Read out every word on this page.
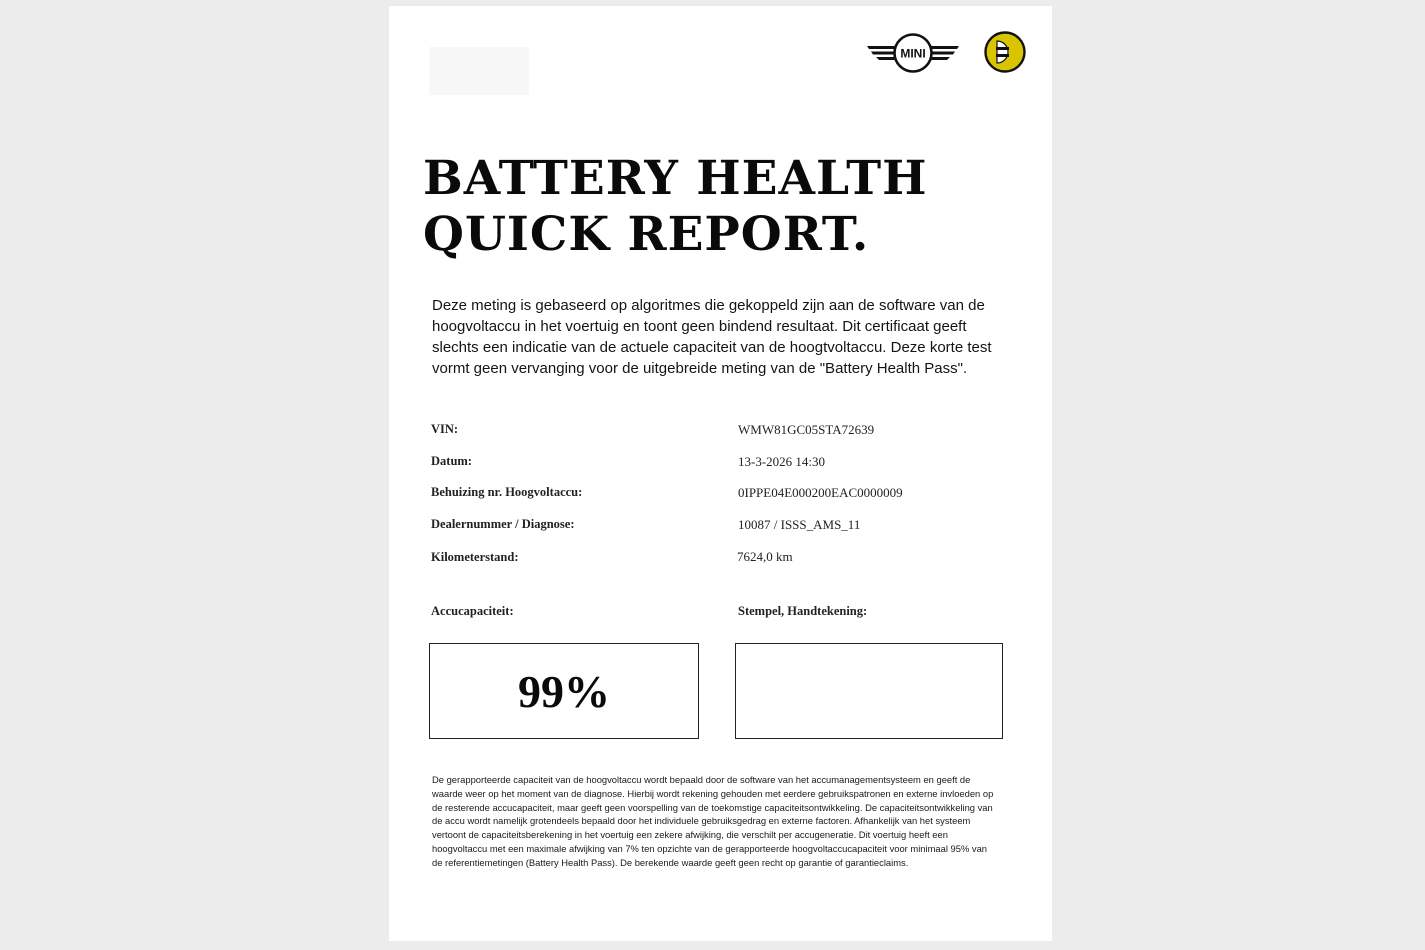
MINI
BATTERY HEALTH
QUICK REPORT.

Deze meting is gebaseerd op algoritmes die gekoppeld zijn aan de software van de hoogvoltaccu in het voertuig en toont geen bindend resultaat. Dit certificaat geeft slechts een indicatie van de actuele capaciteit van de hoogtvoltaccu. Deze korte test vormt geen vervanging voor de uitgebreide meting van de "Battery Health Pass".

VIN:	WMW81GC05STA72639
Datum:	13-3-2026 14:30
Behuizing nr. Hoogvoltaccu:	0IPPE04E000200EAC0000009
Dealernummer / Diagnose:	10087 / ISSS_AMS_11
Kilometerstand:	7624,0 km
Accucapaciteit:	Stempel, Handtekening:
99%

De gerapporteerde capaciteit van de hoogvoltaccu wordt bepaald door de software van het accumanagementsysteem en geeft de waarde weer op het moment van de diagnose. Hierbij wordt rekening gehouden met eerdere gebruikspatronen en externe invloeden op de resterende accucapaciteit, maar geeft geen voorspelling van de toekomstige capaciteitsontwikkeling. De capaciteitsontwikkeling van de accu wordt namelijk grotendeels bepaald door het individuele gebruiksgedrag en externe factoren. Afhankelijk van het systeem vertoont de capaciteitsberekening in het voertuig een zekere afwijking, die verschilt per accugeneratie. Dit voertuig heeft een hoogvoltaccu met een maximale afwijking van 7% ten opzichte van de gerapporteerde hoogvoltaccucapaciteit voor minimaal 95% van de referentiemetingen (Battery Health Pass). De berekende waarde geeft geen recht op garantie of garantieclaims.
